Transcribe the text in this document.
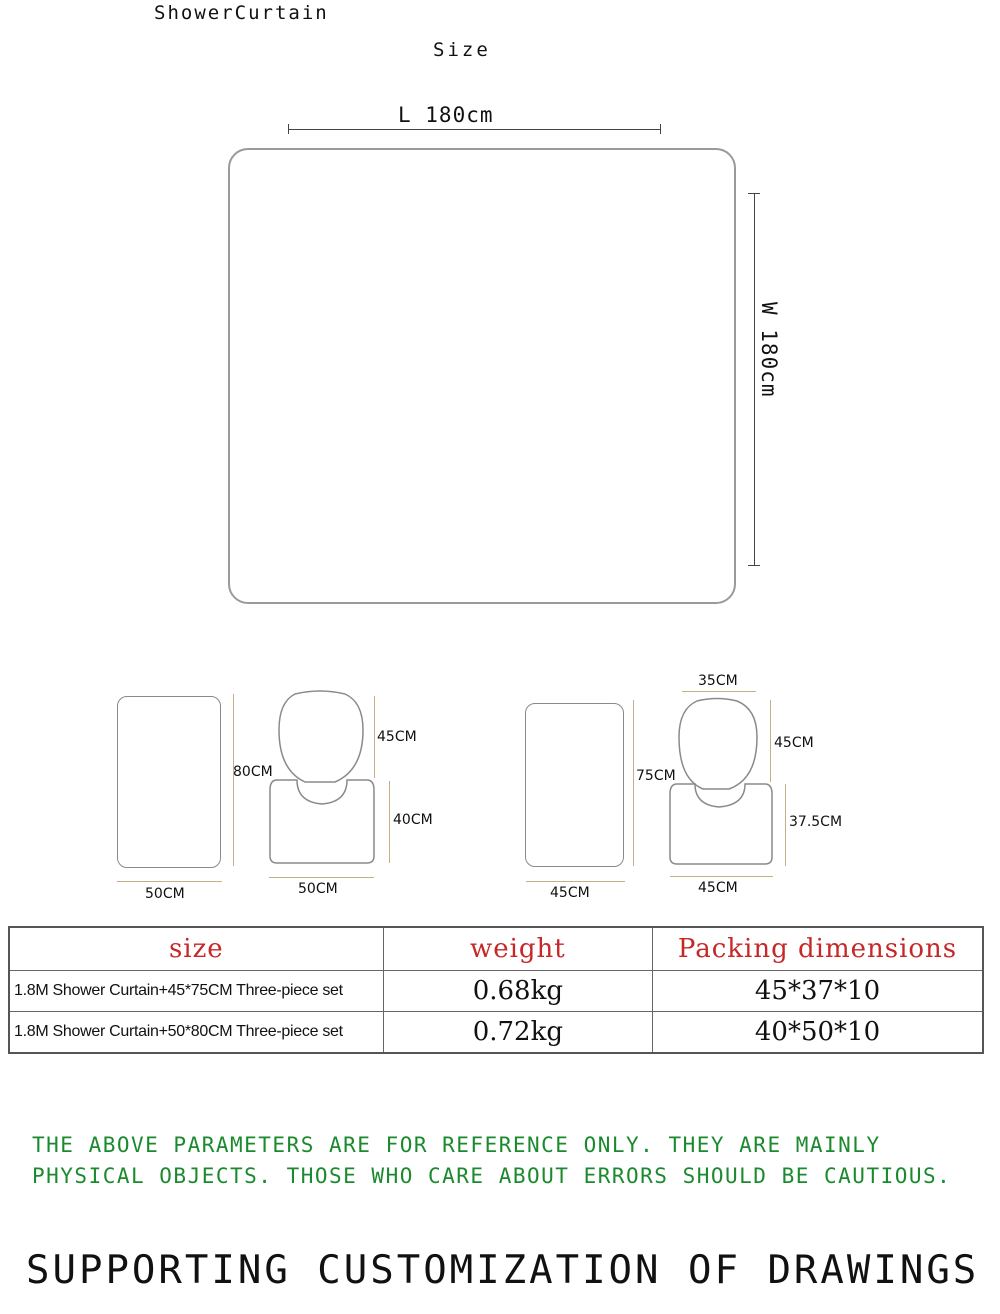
ShowerCurtain
Size
L 180cm
W 180cm
80CM
50CM
45CM
40CM
50CM
75CM
45CM
35CM
45CM
37.5CM
45CM
size	weight	Packing dimensions
1.8M Shower Curtain+45*75CM Three-piece set	0.68kg	45*37*10
1.8M Shower Curtain+50*80CM Three-piece set	0.72kg	40*50*10
THE ABOVE PARAMETERS ARE FOR REFERENCE ONLY. THEY ARE MAINLY
PHYSICAL OBJECTS. THOSE WHO CARE ABOUT ERRORS SHOULD BE CAUTIOUS.
SUPPORTING CUSTOMIZATION OF DRAWINGS
